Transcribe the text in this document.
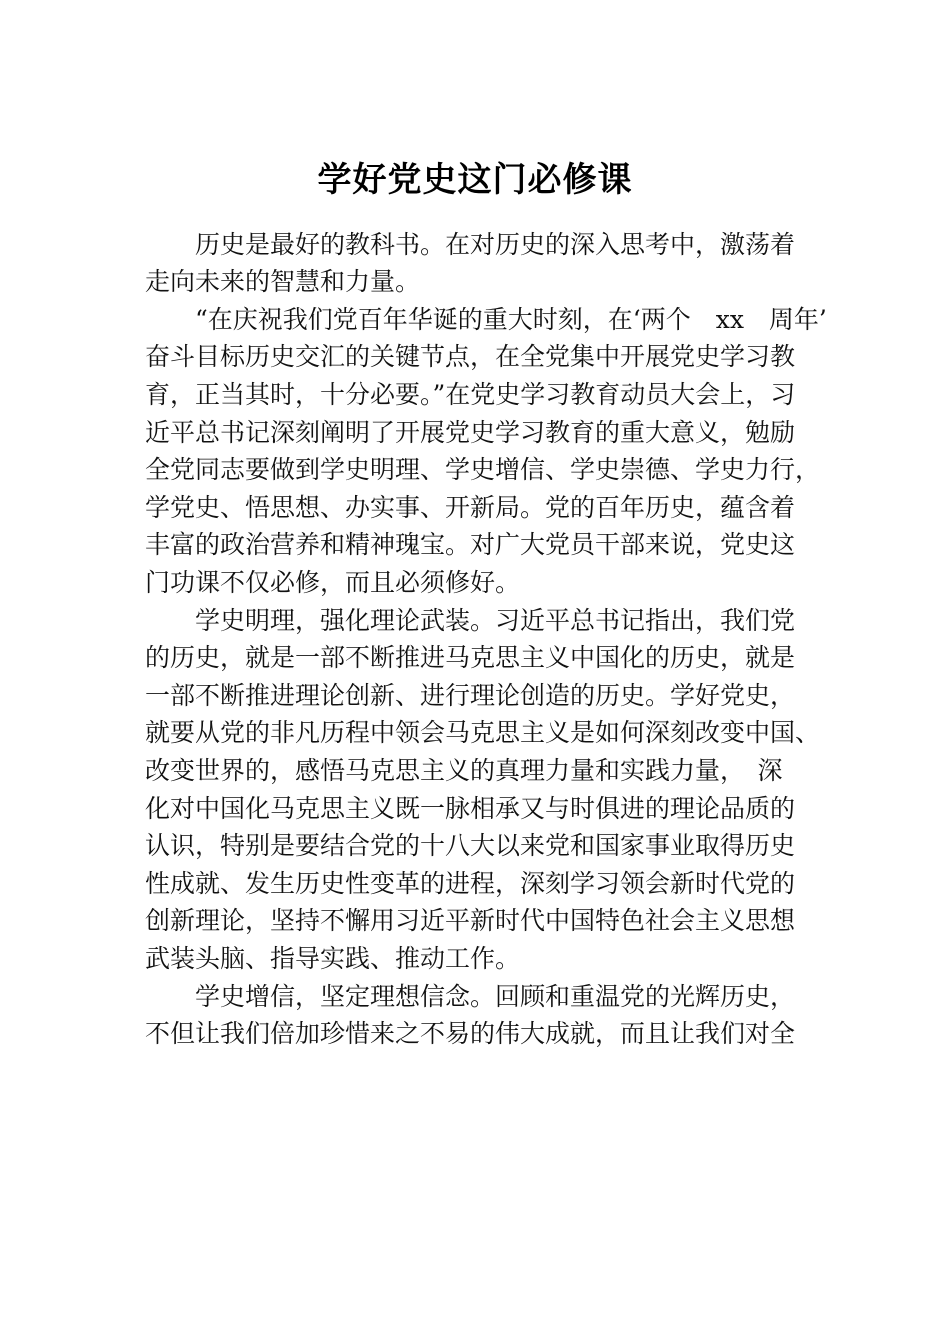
学好党史这门必修课
历史是最好的教科书。在对历史的深入思考中，激荡着
走向未来的智慧和力量。
“在庆祝我们党百年华诞的重大时刻，在‘两个　xx　周年’
奋斗目标历史交汇的关键节点，在全党集中开展党史学习教
育，正当其时，十分必要。”在党史学习教育动员大会上，习
近平总书记深刻阐明了开展党史学习教育的重大意义，勉励
全党同志要做到学史明理、学史增信、学史崇德、学史力行，
学党史、悟思想、办实事、开新局。党的百年历史，蕴含着
丰富的政治营养和精神瑰宝。对广大党员干部来说，党史这
门功课不仅必修，而且必须修好。
学史明理，强化理论武装。习近平总书记指出，我们党
的历史，就是一部不断推进马克思主义中国化的历史，就是
一部不断推进理论创新、进行理论创造的历史。学好党史，
就要从党的非凡历程中领会马克思主义是如何深刻改变中国、
改变世界的，感悟马克思主义的真理力量和实践力量，　深
化对中国化马克思主义既一脉相承又与时俱进的理论品质的
认识，特别是要结合党的十八大以来党和国家事业取得历史
性成就、发生历史性变革的进程，深刻学习领会新时代党的
创新理论，坚持不懈用习近平新时代中国特色社会主义思想
武装头脑、指导实践、推动工作。
学史增信，坚定理想信念。回顾和重温党的光辉历史，
不但让我们倍加珍惜来之不易的伟大成就，而且让我们对全
